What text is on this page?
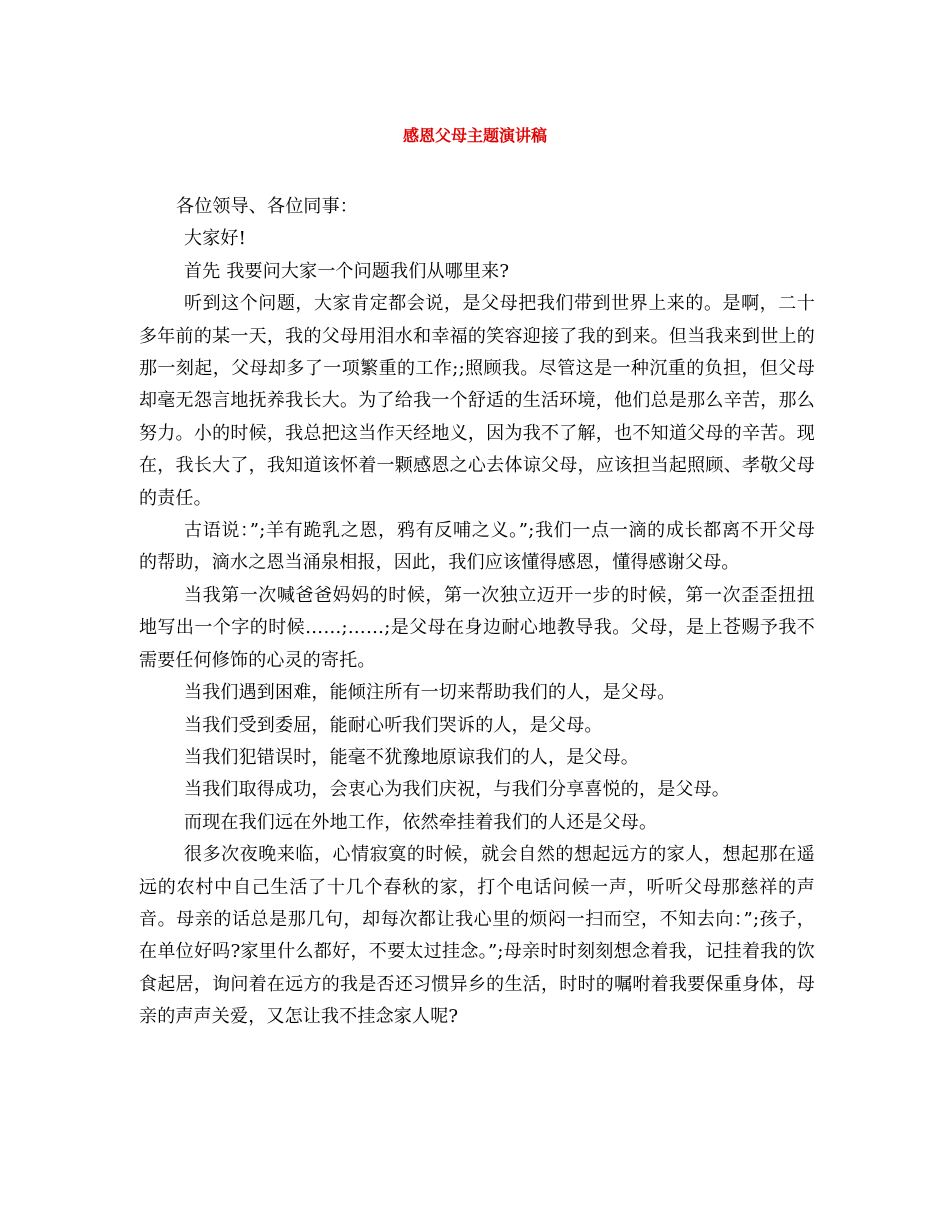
感恩父母主题演讲稿

各位领导、各位同事：

大家好!

首先 我要问大家一个问题我们从哪里来?

听到这个问题，大家肯定都会说，是父母把我们带到世界上来的。是啊，二十多年前的某一天，我的父母用泪水和幸福的笑容迎接了我的到来。但当我来到世上的那一刻起，父母却多了一项繁重的工作;;照顾我。尽管这是一种沉重的负担，但父母却毫无怨言地抚养我长大。为了给我一个舒适的生活环境，他们总是那么辛苦，那么努力。小的时候，我总把这当作天经地义，因为我不了解，也不知道父母的辛苦。现在，我长大了，我知道该怀着一颗感恩之心去体谅父母，应该担当起照顾、孝敬父母的责任。

古语说：”;羊有跪乳之恩，鸦有反哺之义。”;我们一点一滴的成长都离不开父母的帮助，滴水之恩当涌泉相报，因此，我们应该懂得感恩，懂得感谢父母。

当我第一次喊爸爸妈妈的时候，第一次独立迈开一步的时候，第一次歪歪扭扭地写出一个字的时候……;……;是父母在身边耐心地教导我。父母，是上苍赐予我不需要任何修饰的心灵的寄托。

当我们遇到困难，能倾注所有一切来帮助我们的人，是父母。

当我们受到委屈，能耐心听我们哭诉的人，是父母。

当我们犯错误时，能毫不犹豫地原谅我们的人，是父母。

当我们取得成功，会衷心为我们庆祝，与我们分享喜悦的，是父母。

而现在我们远在外地工作，依然牵挂着我们的人还是父母。

很多次夜晚来临，心情寂寞的时候，就会自然的想起远方的家人，想起那在遥远的农村中自己生活了十几个春秋的家，打个电话问候一声，听听父母那慈祥的声音。母亲的话总是那几句，却每次都让我心里的烦闷一扫而空，不知去向：”;孩子，在单位好吗?家里什么都好，不要太过挂念。”;母亲时时刻刻想念着我，记挂着我的饮食起居，询问着在远方的我是否还习惯异乡的生活，时时的嘱咐着我要保重身体，母亲的声声关爱，又怎让我不挂念家人呢?
